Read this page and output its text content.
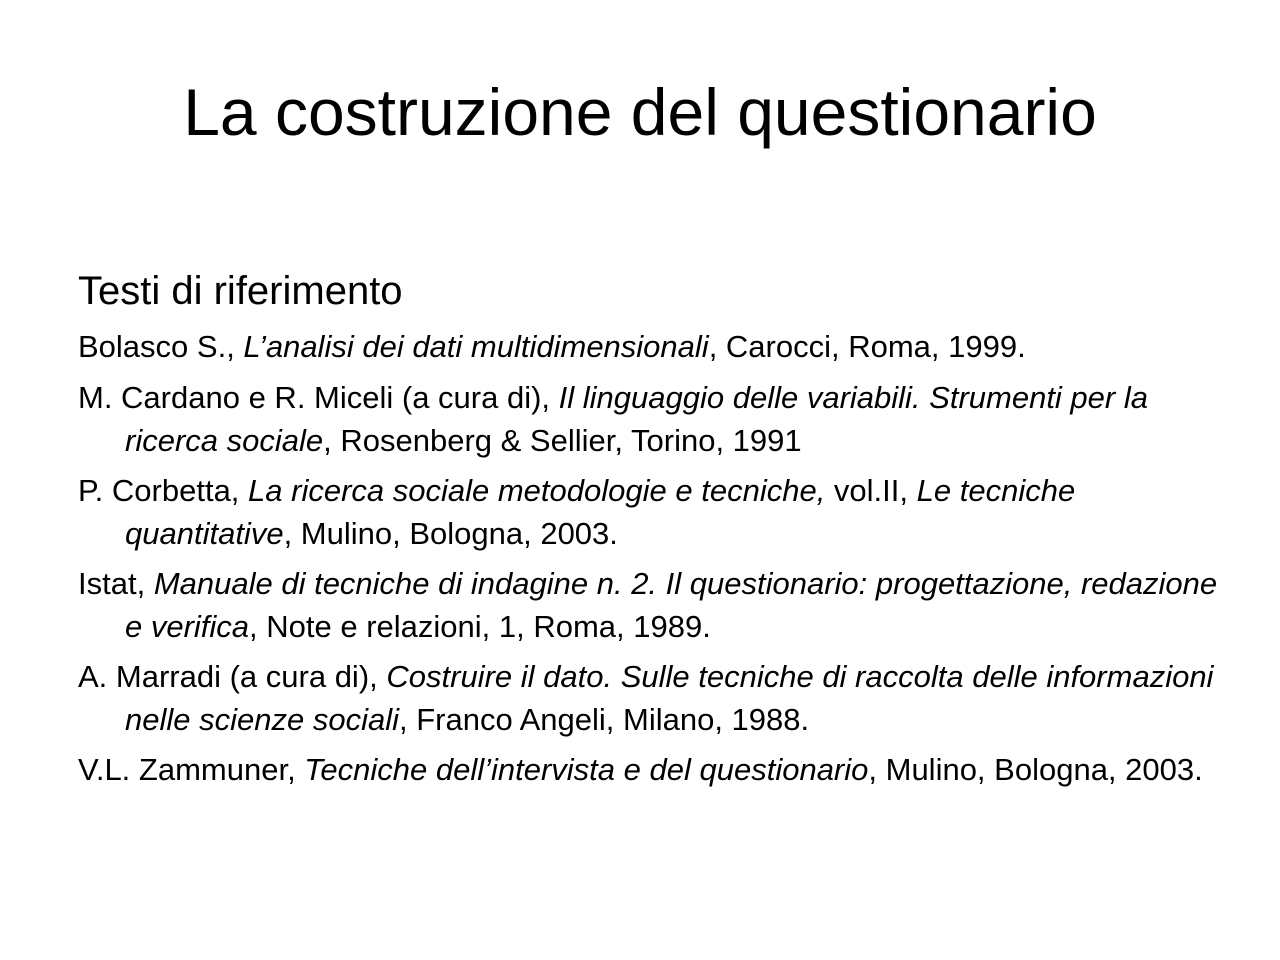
La costruzione del questionario
Testi di riferimento
Bolasco S., L’analisi dei dati multidimensionali, Carocci, Roma, 1999.
M. Cardano e R. Miceli (a cura di), Il linguaggio delle variabili. Strumenti per la ricerca sociale, Rosenberg & Sellier, Torino, 1991
P. Corbetta, La ricerca sociale metodologie e tecniche, vol.II, Le tecniche quantitative, Mulino, Bologna, 2003.
Istat, Manuale di tecniche di indagine n. 2. Il questionario: progettazione, redazione e verifica, Note e relazioni, 1, Roma, 1989.
A. Marradi (a cura di), Costruire il dato. Sulle tecniche di raccolta delle informazioni nelle scienze sociali, Franco Angeli, Milano, 1988.
V.L. Zammuner, Tecniche dell’intervista e del questionario, Mulino, Bologna, 2003.
